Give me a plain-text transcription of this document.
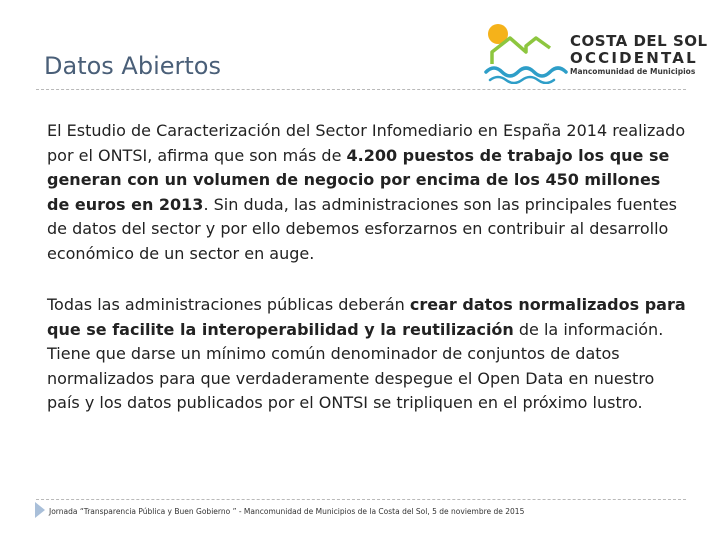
Datos Abiertos
COSTA DEL SOL
OCCIDENTAL
Mancomunidad de Municipios
El Estudio de Caracterización del Sector Infomediario en España 2014 realizado por el ONTSI, afirma que son más de 4.200 puestos de trabajo los que se generan con un volumen de negocio por encima de los 450 millones de euros en 2013. Sin duda, las administraciones son las principales fuentes de datos del sector y por ello debemos esforzarnos en contribuir al desarrollo económico de un sector en auge.
Todas las administraciones públicas deberán crear datos normalizados para que se facilite la interoperabilidad y la reutilización de la información. Tiene que darse un mínimo común denominador de conjuntos de datos normalizados para que verdaderamente despegue el Open Data en nuestro país y los datos publicados por el ONTSI se tripliquen en el próximo lustro.
Jornada “Transparencia Pública y Buen Gobierno ” - Mancomunidad de Municipios de la Costa del Sol, 5 de noviembre de 2015
